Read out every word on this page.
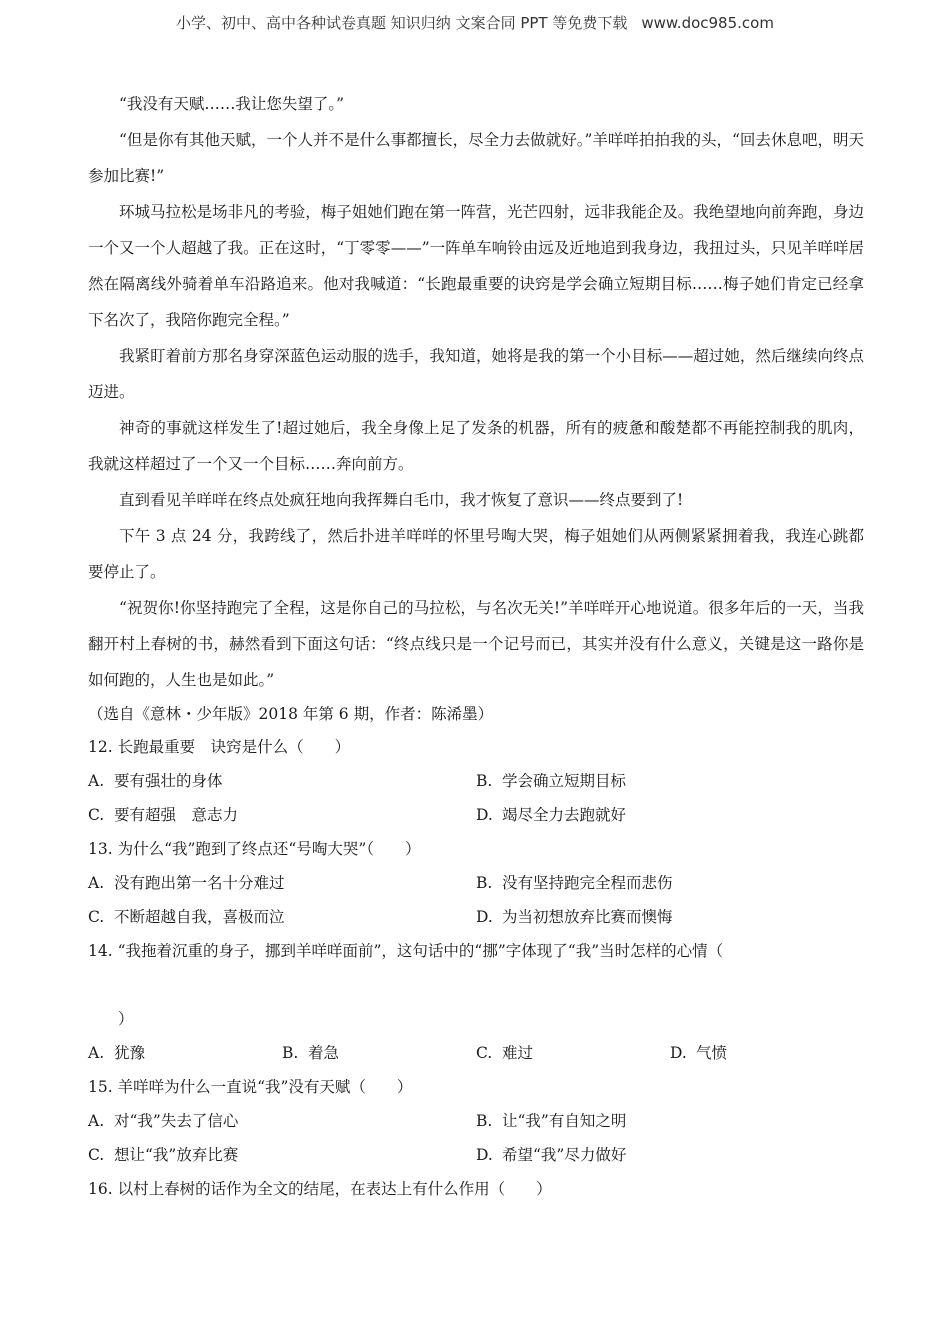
小学、初中、高中各种试卷真题 知识归纳 文案合同 PPT 等免费下载 www.doc985.com

“我没有天赋……我让您失望了。”

“但是你有其他天赋，一个人并不是什么事都擅长，尽全力去做就好。”羊咩咩拍拍我的头，“回去休息吧，明天参加比赛!”

环城马拉松是场非凡的考验，梅子姐她们跑在第一阵营，光芒四射，远非我能企及。我绝望地向前奔跑，身边一个又一个人超越了我。正在这时，“丁零零——”一阵单车响铃由远及近地追到我身边，我扭过头，只见羊咩咩居然在隔离线外骑着单车沿路追来。他对我喊道：“长跑最重要的诀窍是学会确立短期目标……梅子她们肯定已经拿下名次了，我陪你跑完全程。”

我紧盯着前方那名身穿深蓝色运动服的选手，我知道，她将是我的第一个小目标——超过她，然后继续向终点迈进。

神奇的事就这样发生了!超过她后，我全身像上足了发条的机器，所有的疲惫和酸楚都不再能控制我的肌肉，我就这样超过了一个又一个目标……奔向前方。

直到看见羊咩咩在终点处疯狂地向我挥舞白毛巾，我才恢复了意识——终点要到了!

下午 3 点 24 分，我跨线了，然后扑进羊咩咩的怀里号啕大哭，梅子姐她们从两侧紧紧拥着我，我连心跳都要停止了。

“祝贺你!你坚持跑完了全程，这是你自己的马拉松，与名次无关!”羊咩咩开心地说道。很多年后的一天，当我翻开村上春树的书，赫然看到下面这句话：“终点线只是一个记号而已，其实并没有什么意义，关键是这一路你是如何跑的，人生也是如此。”

（选自《意林・少年版》2018 年第 6 期，作者：陈浠墨）

12. 长跑最重要　诀窍是什么（　　）

A. 要有强壮的身体	B. 学会确立短期目标
C. 要有超强　意志力	D. 竭尽全力去跑就好

13. 为什么“我”跑到了终点还“号啕大哭”（　　）

A. 没有跑出第一名十分难过	B. 没有坚持跑完全程而悲伤
C. 不断超越自我，喜极而泣	D. 为当初想放弃比赛而懊悔

14. “我拖着沉重的身子，挪到羊咩咩面前”，这句话中的“挪”字体现了“我”当时怎样的心情（
）

A. 犹豫	B. 着急	C. 难过	D. 气愤

15. 羊咩咩为什么一直说“我”没有天赋（　　）

A. 对“我”失去了信心	B. 让“我”有自知之明
C. 想让“我”放弃比赛	D. 希望“我”尽力做好

16. 以村上春树的话作为全文的结尾，在表达上有什么作用（　　）
